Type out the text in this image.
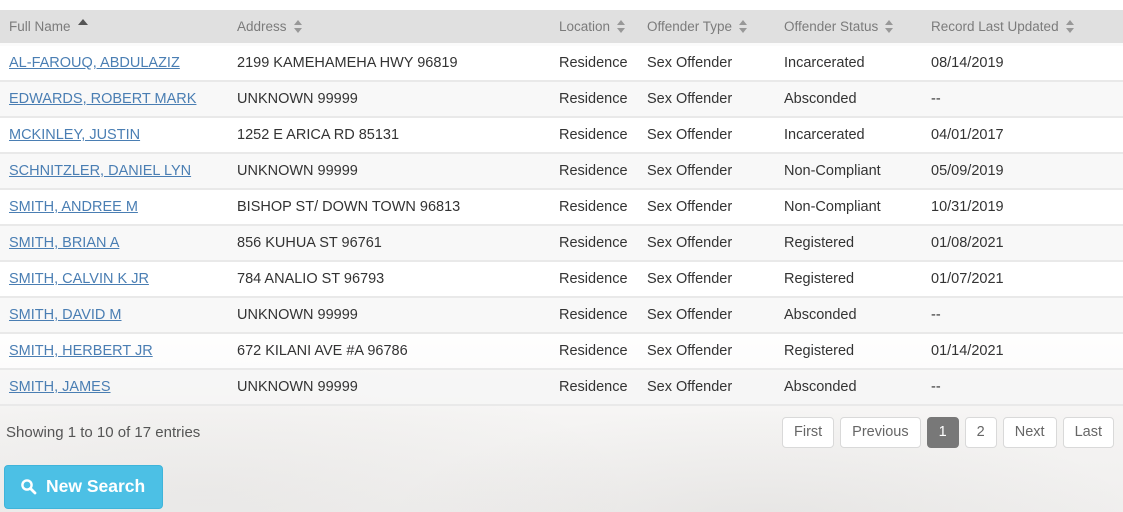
Full Name	Address	Location	Offender Type	Offender Status	Record Last Updated
AL-FAROUQ, ABDULAZIZ	2199 KAMEHAMEHA HWY 96819	Residence	Sex Offender	Incarcerated	08/14/2019
EDWARDS, ROBERT MARK	UNKNOWN 99999	Residence	Sex Offender	Absconded	--
MCKINLEY, JUSTIN	1252 E ARICA RD 85131	Residence	Sex Offender	Incarcerated	04/01/2017
SCHNITZLER, DANIEL LYN	UNKNOWN 99999	Residence	Sex Offender	Non-Compliant	05/09/2019
SMITH, ANDREE M	BISHOP ST/ DOWN TOWN 96813	Residence	Sex Offender	Non-Compliant	10/31/2019
SMITH, BRIAN A	856 KUHUA ST 96761	Residence	Sex Offender	Registered	01/08/2021
SMITH, CALVIN K JR	784 ANALIO ST 96793	Residence	Sex Offender	Registered	01/07/2021
SMITH, DAVID M	UNKNOWN 99999	Residence	Sex Offender	Absconded	--
SMITH, HERBERT JR	672 KILANI AVE #A 96786	Residence	Sex Offender	Registered	01/14/2021
SMITH, JAMES	UNKNOWN 99999	Residence	Sex Offender	Absconded	--
Showing 1 to 10 of 17 entries	First	Previous	1	2	Next	Last
New Search
